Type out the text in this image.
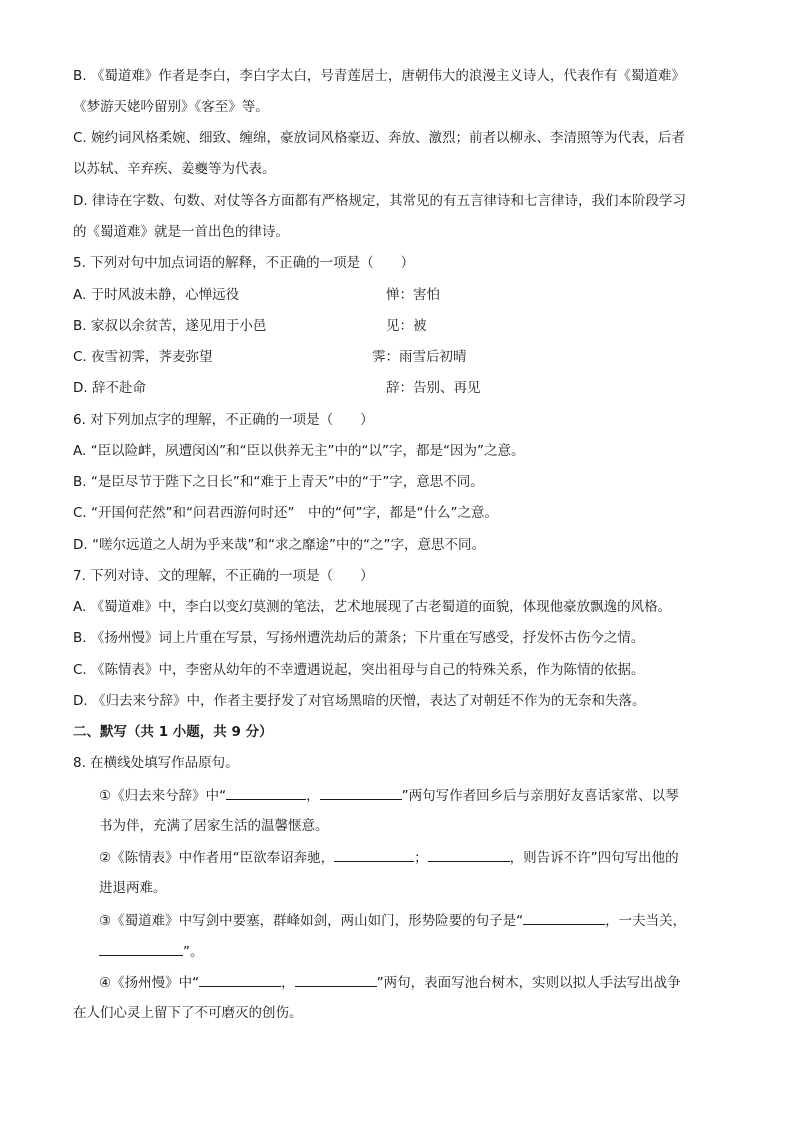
B. 《蜀道难》作者是李白，李白字太白，号青莲居士，唐朝伟大的浪漫主义诗人，代表作有《蜀道难》
《梦游天姥吟留别》《客至》等。
C. 婉约词风格柔婉、细致、缠绵，豪放词风格豪迈、奔放、激烈；前者以柳永、李清照等为代表，后者
以苏轼、辛弃疾、姜夔等为代表。
D. 律诗在字数、句数、对仗等各方面都有严格规定，其常见的有五言律诗和七言律诗，我们本阶段学习
的《蜀道难》就是一首出色的律诗。
5. 下列对句中加点词语的解释，不正确的一项是（　　）
A. 于时风波未静，心惮远役	惮：害怕
B. 家叔以余贫苦，遂见用于小邑	见：被
C. 夜雪初霁，荠麦弥望	霁：雨雪后初晴
D. 辞不赴命	辞：告别、再见
6. 对下列加点字的理解，不正确的一项是（　　）
A. “臣以险衅，夙遭闵凶”和“臣以供养无主”中的“以”字，都是“因为”之意。
B. “是臣尽节于陛下之日长”和“难于上青天”中的“于”字，意思不同。
C. “开国何茫然”和“问君西游何时还”　中的“何”字，都是“什么”之意。
D. “嗟尔远道之人胡为乎来哉”和“求之靡途”中的“之”字，意思不同。
7. 下列对诗、文的理解，不正确的一项是（　　）
A. 《蜀道难》中，李白以变幻莫测的笔法，艺术地展现了古老蜀道的面貌，体现他豪放飘逸的风格。
B. 《扬州慢》词上片重在写景，写扬州遭洗劫后的萧条；下片重在写感受，抒发怀古伤今之情。
C. 《陈情表》中，李密从幼年的不幸遭遇说起，突出祖母与自己的特殊关系，作为陈情的依据。
D. 《归去来兮辞》中，作者主要抒发了对官场黑暗的厌憎，表达了对朝廷不作为的无奈和失落。
二、默写（共 1 小题，共 9 分）
8. 在横线处填写作品原句。
①《归去来兮辞》中“	，	”两句写作者回乡后与亲朋好友喜话家常、以琴
书为伴，充满了居家生活的温馨惬意。
②《陈情表》中作者用“臣欲奉诏奔驰，	；	，则告诉不许”四句写出他的
进退两难。
③《蜀道难》中写剑中要塞，群峰如剑，两山如门，形势险要的句子是“	，一夫当关，
”。
④《扬州慢》中“	，	”两句，表面写池台树木，实则以拟人手法写出战争
在人们心灵上留下了不可磨灭的创伤。
